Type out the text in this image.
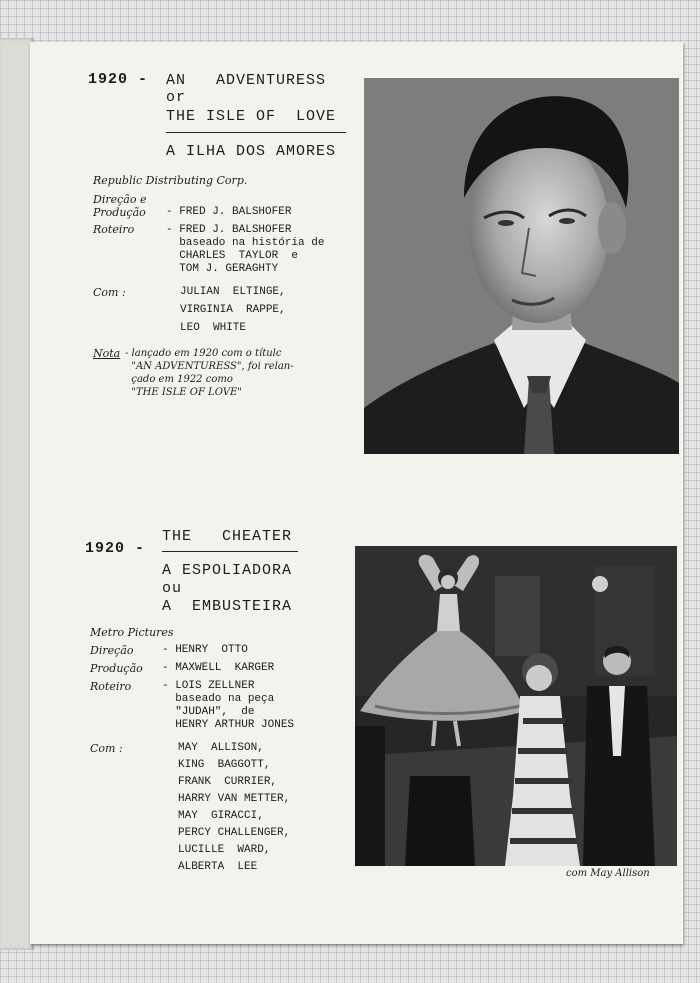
1920 - AN   ADVENTURESS
or
THE ISLE OF  LOVE
A ILHA DOS AMORES
Republic Distributing Corp.
Direção e
Produção - FRED J. BALSHOFER
Roteiro	- FRED J. BALSHOFER
baseado na história de
CHARLES  TAYLOR  e
TOM J. GERAGHTY
Com :	JULIAN  ELTINGE,
VIRGINIA  RAPPE,
LEO  WHITE
Nota - lançado em 1920 com o títulc
"AN ADVENTURESS", foi relan-
çado em 1922 como
"THE ISLE OF LOVE"
1920 -
THE   CHEATER
A ESPOLIADORA
ou
A  EMBUSTEIRA
Metro Pictures
Direção	- HENRY  OTTO
Produção - MAXWELL  KARGER
Roteiro	- LOIS ZELLNER
baseado na peça
"JUDAH",  de
HENRY ARTHUR JONES
Com :	MAY  ALLISON,
KING  BAGGOTT,
FRANK  CURRIER,
HARRY VAN METTER,
MAY  GIRACCI,
PERCY CHALLENGER,
LUCILLE  WARD,
ALBERTA  LEE
com May Allison
